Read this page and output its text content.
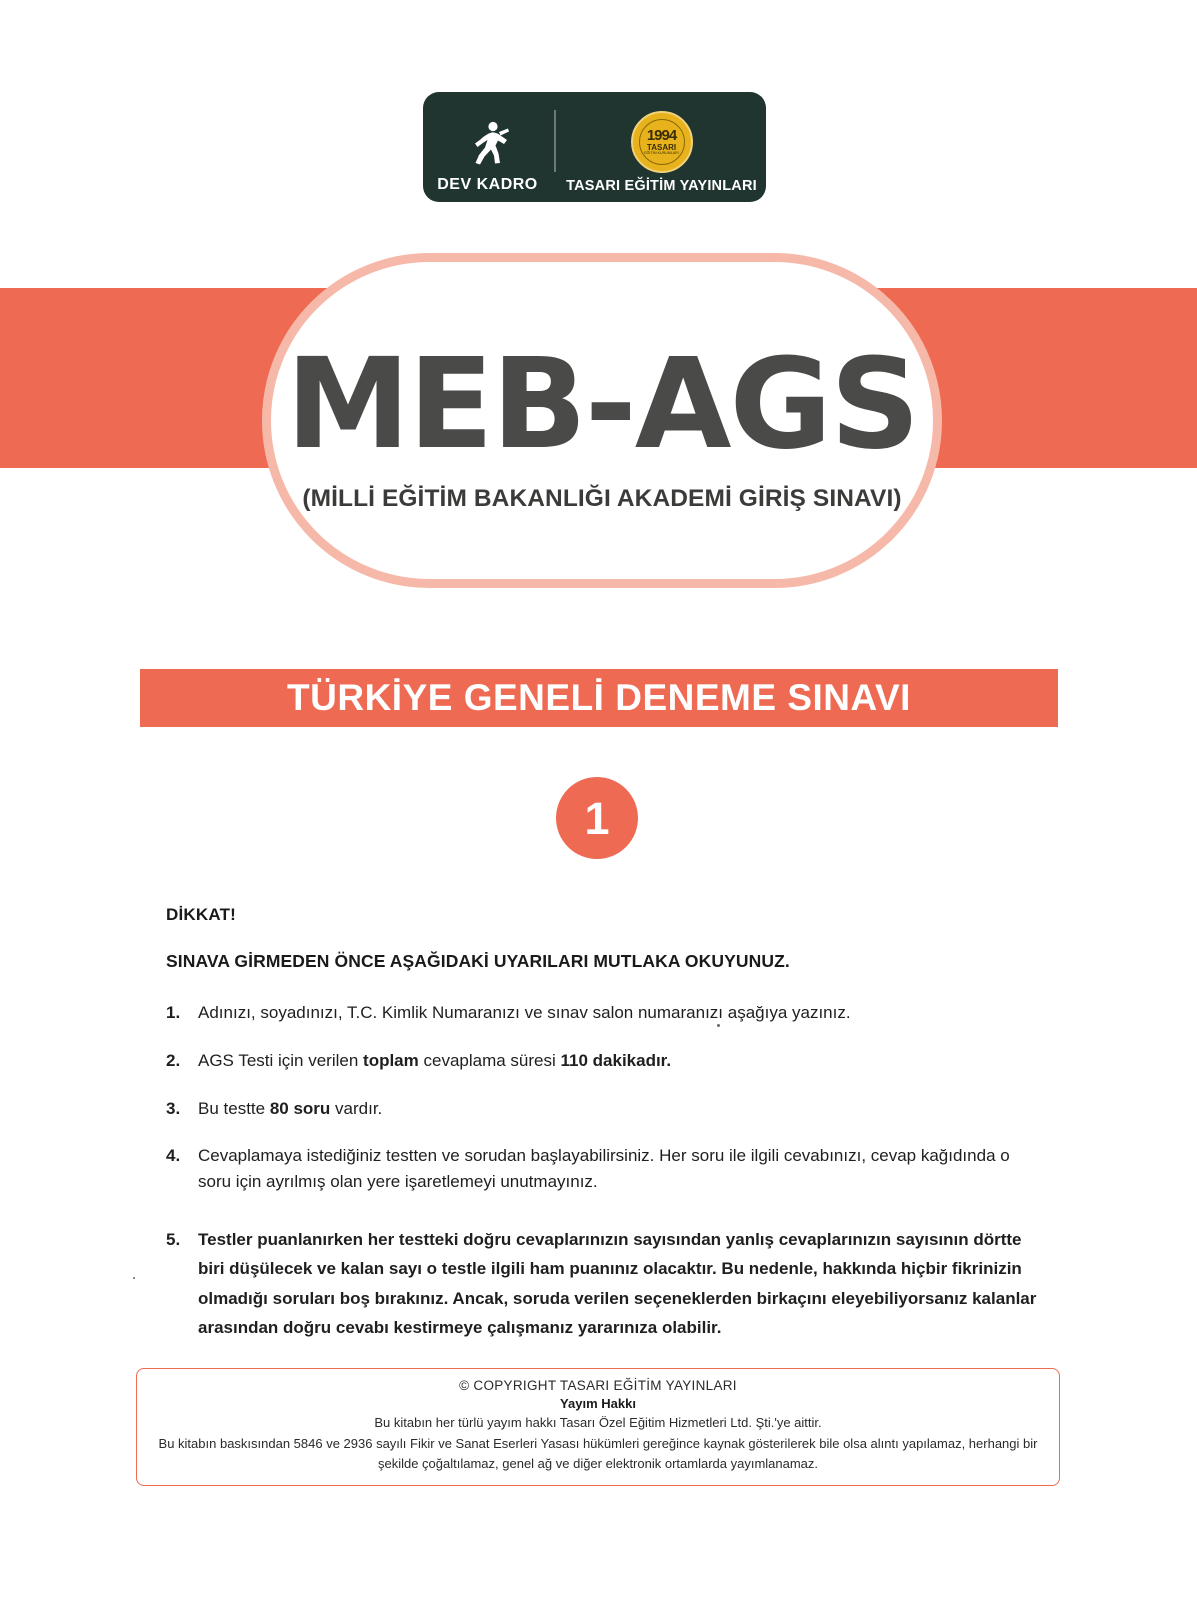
DEV KADRO
1994
TASARI
EĞİTİM KURUMLARI
TASARI EĞİTİM YAYINLARI
MEB-AGS
(MİLLİ EĞİTİM BAKANLIĞI AKADEMİ GİRİŞ SINAVI)
TÜRKİYE GENELİ DENEME SINAVI
1
DİKKAT!
SINAVA GİRMEDEN ÖNCE AŞAĞIDAKİ UYARILARI MUTLAKA OKUYUNUZ.
1.	Adınızı, soyadınızı, T.C. Kimlik Numaranızı ve sınav salon numaranızı aşağıya yazınız.
2.	AGS Testi için verilen toplam cevaplama süresi 110 dakikadır.
3.	Bu testte 80 soru vardır.
4.	Cevaplamaya istediğiniz testten ve sorudan başlayabilirsiniz. Her soru ile ilgili cevabınızı, cevap kağıdında o soru için ayrılmış olan yere işaretlemeyi unutmayınız.
5.	Testler puanlanırken her testteki doğru cevaplarınızın sayısından yanlış cevaplarınızın sayısının dörtte biri düşülecek ve kalan sayı o testle ilgili ham puanınız olacaktır. Bu nedenle, hakkında hiçbir fikrinizin olmadığı soruları boş bırakınız. Ancak, soruda verilen seçeneklerden birkaçını eleyebiliyorsanız kalanlar arasından doğru cevabı kestirmeye çalışmanız yararınıza olabilir.
© COPYRIGHT TASARI EĞİTİM YAYINLARI
Yayım Hakkı
Bu kitabın her türlü yayım hakkı Tasarı Özel Eğitim Hizmetleri Ltd. Şti.'ye aittir.
Bu kitabın baskısından 5846 ve 2936 sayılı Fikir ve Sanat Eserleri Yasası hükümleri gereğince kaynak gösterilerek bile olsa alıntı yapılamaz, herhangi bir şekilde çoğaltılamaz, genel ağ ve diğer elektronik ortamlarda yayımlanamaz.
